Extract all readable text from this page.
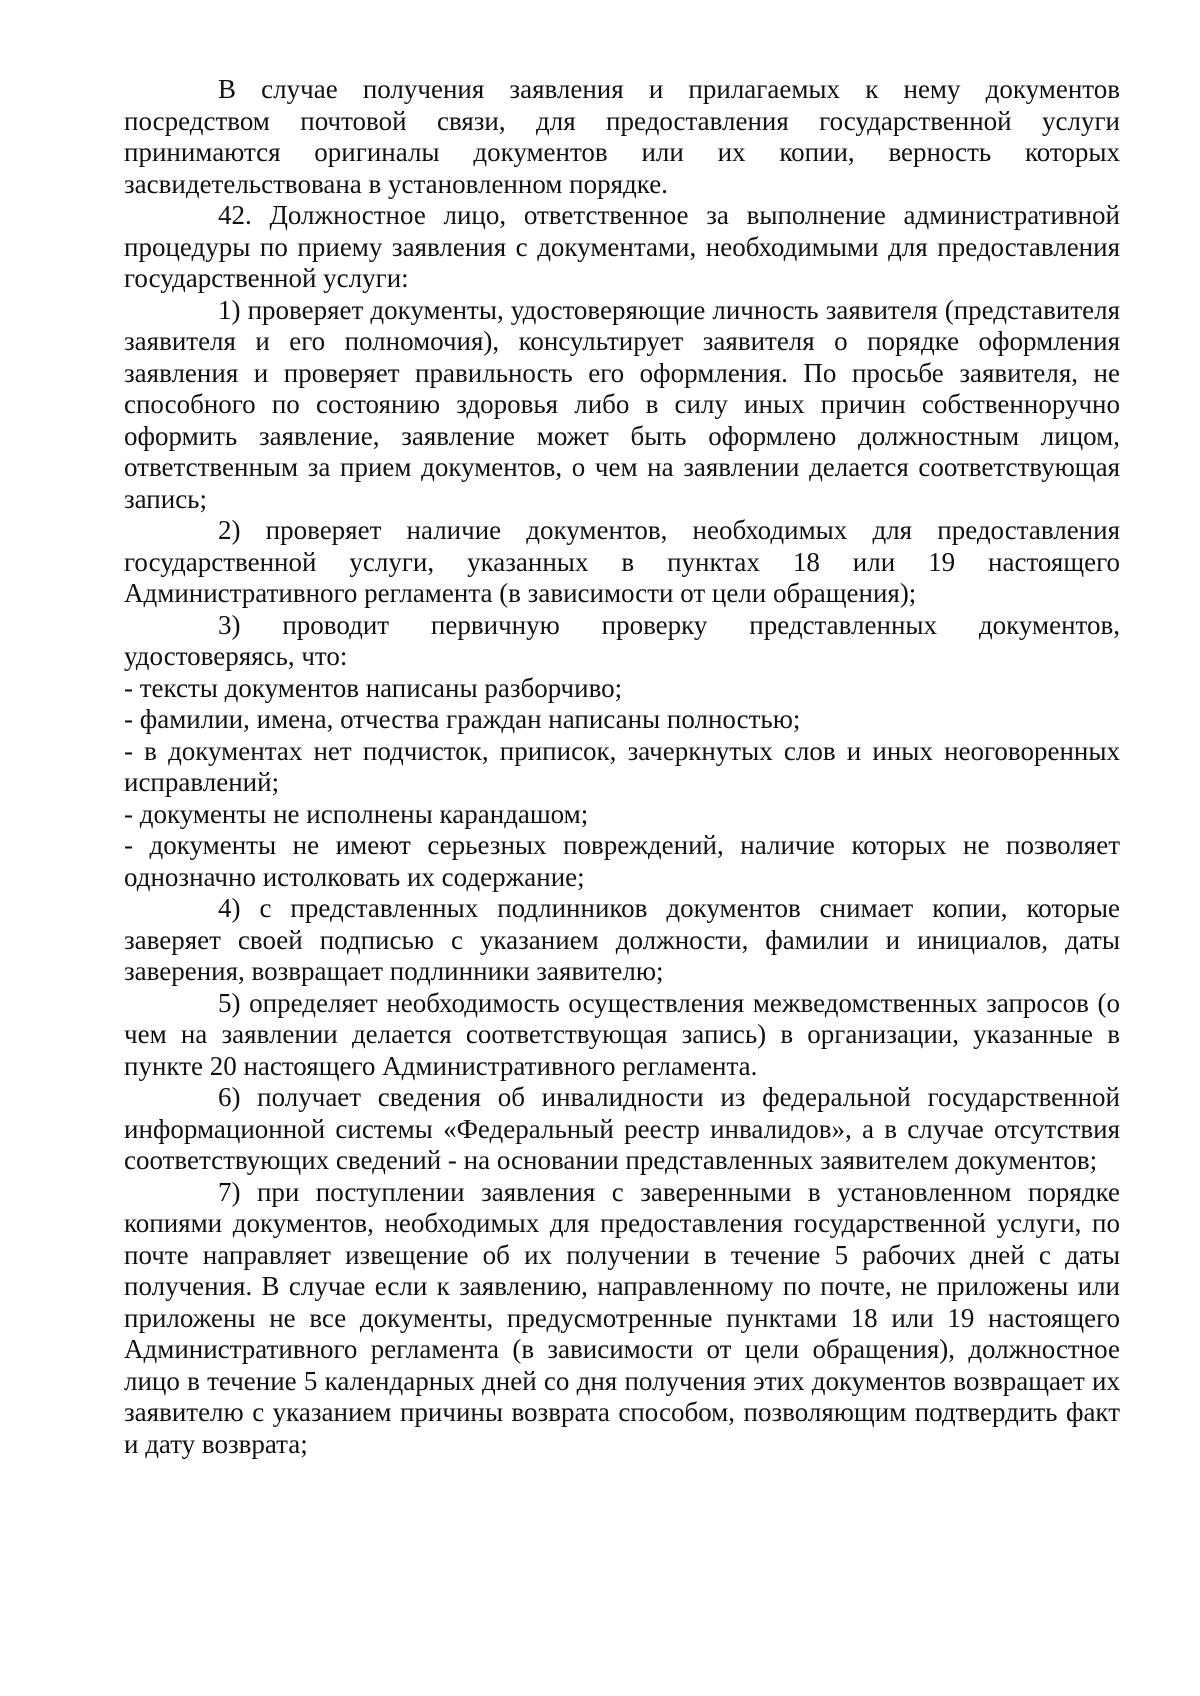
В случае получения заявления и прилагаемых к нему документов посредством почтовой связи, для предоставления государственной услуги принимаются оригиналы документов или их копии, верность которых засвидетельствована в установленном порядке.

42. Должностное лицо, ответственное за выполнение административной процедуры по приему заявления с документами, необходимыми для предоставления государственной услуги:

1) проверяет документы, удостоверяющие личность заявителя (представителя заявителя и его полномочия), консультирует заявителя о порядке оформления заявления и проверяет правильность его оформления. По просьбе заявителя, не способного по состоянию здоровья либо в силу иных причин собственноручно оформить заявление, заявление может быть оформлено должностным лицом, ответственным за прием документов, о чем на заявлении делается соответствующая запись;

2) проверяет наличие документов, необходимых для предоставления государственной услуги, указанных в пунктах 18 или 19 настоящего Административного регламента (в зависимости от цели обращения);

3) проводит первичную проверку представленных документов, удостоверяясь, что:

- тексты документов написаны разборчиво;

- фамилии, имена, отчества граждан написаны полностью;

- в документах нет подчисток, приписок, зачеркнутых слов и иных неоговоренных исправлений;

- документы не исполнены карандашом;

- документы не имеют серьезных повреждений, наличие которых не позволяет однозначно истолковать их содержание;

4) с представленных подлинников документов снимает копии, которые заверяет своей подписью с указанием должности, фамилии и инициалов, даты заверения, возвращает подлинники заявителю;

5) определяет необходимость осуществления межведомственных запросов (о чем на заявлении делается соответствующая запись) в организации, указанные в пункте 20 настоящего Административного регламента.

6) получает сведения об инвалидности из федеральной государственной информационной системы «Федеральный реестр инвалидов», а в случае отсутствия соответствующих сведений - на основании представленных заявителем документов;

7) при поступлении заявления с заверенными в установленном порядке копиями документов, необходимых для предоставления государственной услуги, по почте направляет извещение об их получении в течение 5 рабочих дней с даты получения. В случае если к заявлению, направленному по почте, не приложены или приложены не все документы, предусмотренные пунктами 18 или 19 настоящего Административного регламента (в зависимости от цели обращения), должностное лицо в течение 5 календарных дней со дня получения этих документов возвращает их заявителю с указанием причины возврата способом, позволяющим подтвердить факт и дату возврата;
